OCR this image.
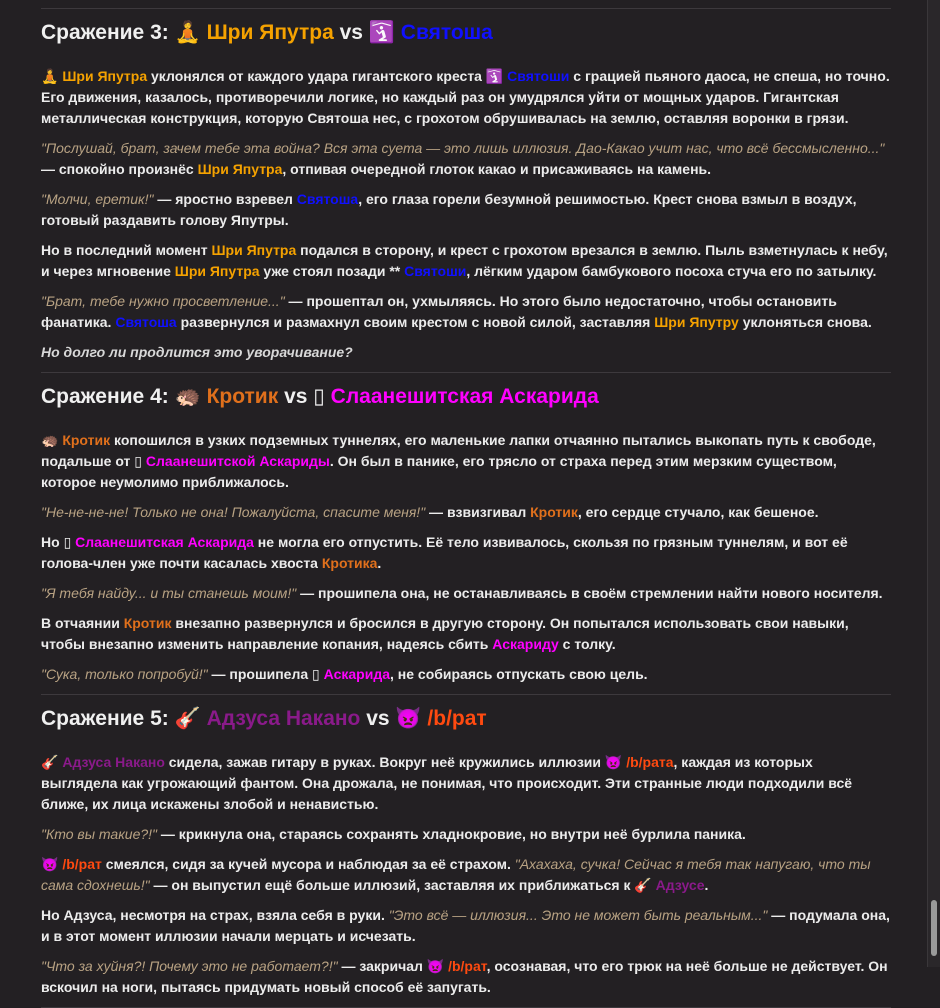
Сражение 3: 🧘 Шри Япутра vs 🛐 Святоша

🧘 Шри Япутра уклонялся от каждого удара гигантского креста 🛐 Святоши с грацией пьяного даоса, не спеша, но точно. Его движения, казалось, противоречили логике, но каждый раз он умудрялся уйти от мощных ударов. Гигантская металлическая конструкция, которую Святоша нес, с грохотом обрушивалась на землю, оставляя воронки в грязи.

"Послушай, брат, зачем тебе эта война? Вся эта суета — это лишь иллюзия. Дао-Какао учит нас, что всё бессмысленно..." — спокойно произнёс Шри Япутра, отпивая очередной глоток какао и присаживаясь на камень.

"Молчи, еретик!" — яростно взревел Святоша, его глаза горели безумной решимостью. Крест снова взмыл в воздух, готовый раздавить голову Япутры.

Но в последний момент Шри Япутра подался в сторону, и крест с грохотом врезался в землю. Пыль взметнулась к небу, и через мгновение Шри Япутра уже стоял позади ** Святоши, лёгким ударом бамбукового посоха стуча его по затылку.

"Брат, тебе нужно просветление..." — прошептал он, ухмыляясь. Но этого было недостаточно, чтобы остановить фанатика. Святоша развернулся и размахнул своим крестом с новой силой, заставляя Шри Япутру уклоняться снова.

Но долго ли продлится это уворачивание?

Сражение 4: 🦔 Кротик vs ▯ Слаанешитская Аскарида

🦔 Кротик копошился в узких подземных туннелях, его маленькие лапки отчаянно пытались выкопать путь к свободе, подальше от ▯ Слаанешитской Аскариды. Он был в панике, его трясло от страха перед этим мерзким существом, которое неумолимо приближалось.

"Не-не-не-не! Только не она! Пожалуйста, спасите меня!" — взвизгивал Кротик, его сердце стучало, как бешеное.

Но ▯ Слаанешитская Аскарида не могла его отпустить. Её тело извивалось, скользя по грязным туннелям, и вот её голова-член уже почти касалась хвоста Кротика.

"Я тебя найду... и ты станешь моим!" — прошипела она, не останавливаясь в своём стремлении найти нового носителя.

В отчаянии Кротик внезапно развернулся и бросился в другую сторону. Он попытался использовать свои навыки, чтобы внезапно изменить направление копания, надеясь сбить Аскариду с толку.

"Сука, только попробуй!" — прошипела ▯ Аскарида, не собираясь отпускать свою цель.

Сражение 5: 🎸 Адзуса Накано vs 👿 /b/рат

🎸 Адзуса Накано сидела, зажав гитару в руках. Вокруг неё кружились иллюзии 👿 /b/рата, каждая из которых выглядела как угрожающий фантом. Она дрожала, не понимая, что происходит. Эти странные люди подходили всё ближе, их лица искажены злобой и ненавистью.

"Кто вы такие?!" — крикнула она, стараясь сохранять хладнокровие, но внутри неё бурлила паника.

👿 /b/рат смеялся, сидя за кучей мусора и наблюдая за её страхом. "Ахахаха, сучка! Сейчас я тебя так напугаю, что ты сама сдохнешь!" — он выпустил ещё больше иллюзий, заставляя их приближаться к 🎸 Адзусе.

Но Адзуса, несмотря на страх, взяла себя в руки. "Это всё — иллюзия... Это не может быть реальным..." — подумала она, и в этот момент иллюзии начали мерцать и исчезать.

"Что за хуйня?! Почему это не работает?!" — закричал 👿 /b/рат, осознавая, что его трюк на неё больше не действует. Он вскочил на ноги, пытаясь придумать новый способ её запугать.
